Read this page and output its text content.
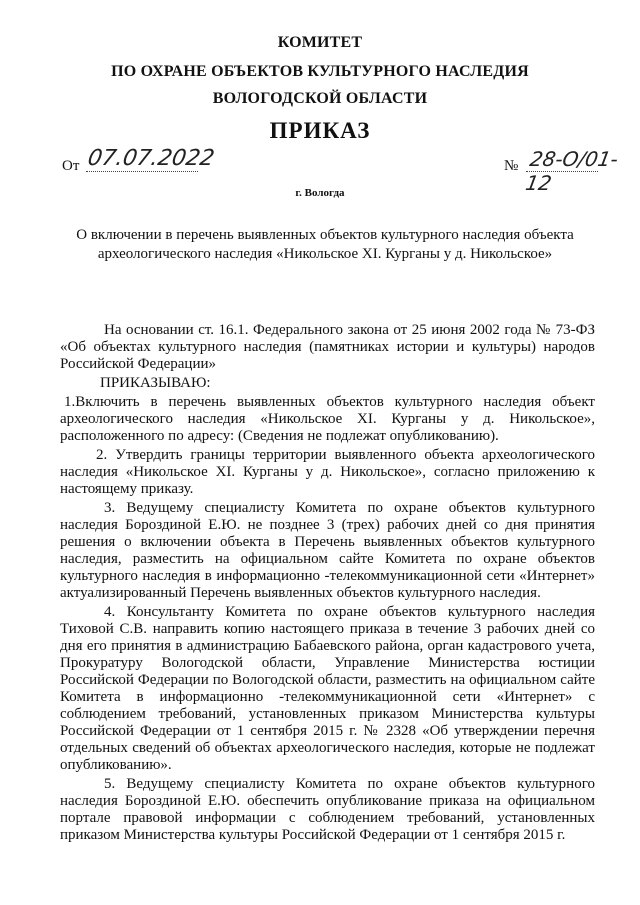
КОМИТЕТ
ПО ОХРАНЕ ОБЪЕКТОВ КУЛЬТУРНОГО НАСЛЕДИЯ
ВОЛОГОДСКОЙ ОБЛАСТИ
ПРИКАЗ
От 07.07.2022	№ 28-О/01-12
г. Вологда
О включении в перечень выявленных объектов культурного наследия объекта археологического наследия «Никольское XI. Курганы у д. Никольское»

На основании ст. 16.1. Федерального закона от 25 июня 2002 года № 73-ФЗ «Об объектах культурного наследия (памятниках истории и культуры) народов Российской Федерации»

ПРИКАЗЫВАЮ:

1.Включить в перечень выявленных объектов культурного наследия объект археологического наследия «Никольское XI. Курганы у д. Никольское», расположенного по адресу: (Сведения не подлежат опубликованию).

2. Утвердить границы территории выявленного объекта археологического наследия «Никольское XI. Курганы у д. Никольское», согласно приложению к настоящему приказу.

3. Ведущему специалисту Комитета по охране объектов культурного наследия Бороздиной Е.Ю. не позднее 3 (трех) рабочих дней со дня принятия решения о включении объекта в Перечень выявленных объектов культурного наследия, разместить на официальном сайте Комитета по охране объектов культурного наследия в информационно -телекоммуникационной сети «Интернет» актуализированный Перечень выявленных объектов культурного наследия.

4. Консультанту Комитета по охране объектов культурного наследия Тиховой С.В. направить копию настоящего приказа в течение 3 рабочих дней со дня его принятия в администрацию Бабаевского района, орган кадастрового учета, Прокуратуру Вологодской области, Управление Министерства юстиции Российской Федерации по Вологодской области, разместить на официальном сайте Комитета в информационно -телекоммуникационной сети «Интернет» с соблюдением требований, установленных приказом Министерства культуры Российской Федерации от 1 сентября 2015 г. № 2328 «Об утверждении перечня отдельных сведений об объектах археологического наследия, которые не подлежат опубликованию».

5. Ведущему специалисту Комитета по охране объектов культурного наследия Бороздиной Е.Ю. обеспечить опубликование приказа на официальном портале правовой информации с соблюдением требований, установленных приказом Министерства культуры Российской Федерации от 1 сентября 2015 г.
